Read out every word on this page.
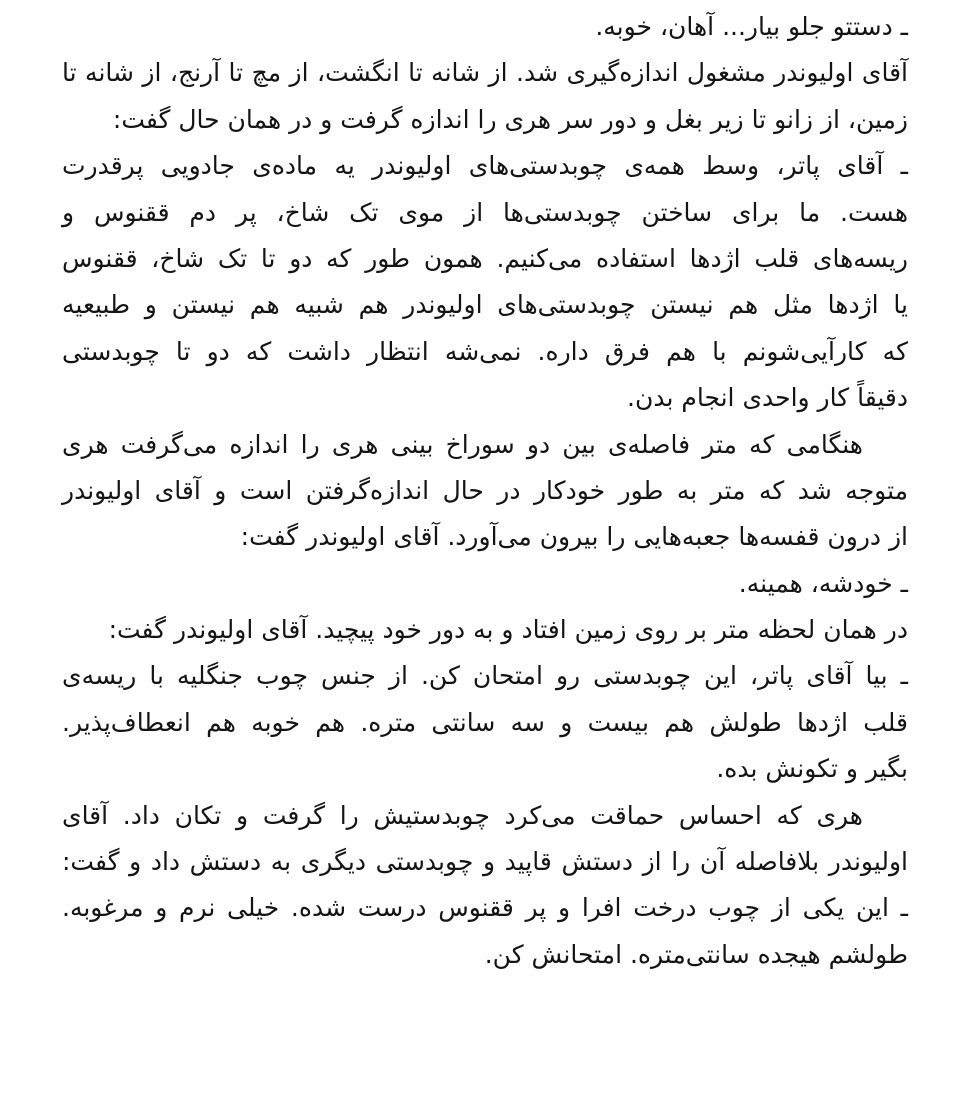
ـ دستتو جلو بیار... آهان، خوبه.
آقای اولیوندر مشغول اندازه‌گیری شد. از شانه تا انگشت، از مچ تا آرنج، از شانه تا
زمین، از زانو تا زیر بغل و دور سر هری را اندازه گرفت و در همان حال گفت:
ـ آقای پاتر، وسط همه‌ی چوبدستی‌های اولیوندر یه ماده‌ی جادویی پرقدرت
هست. ما برای ساختن چوبدستی‌ها از موی تک شاخ، پر دم ققنوس و
ریسه‌های قلب اژدها استفاده می‌کنیم. همون طور که دو تا تک شاخ، ققنوس
یا اژدها مثل هم نیستن چوبدستی‌های اولیوندر هم شبیه هم نیستن و طبیعیه
که کارآیی‌شونم با هم فرق داره. نمی‌شه انتظار داشت که دو تا چوبدستی
دقیقاً کار واحدی انجام بدن.
هنگامی که متر فاصله‌ی بین دو سوراخ بینی هری را اندازه می‌گرفت هری
متوجه شد که متر به طور خودکار در حال اندازه‌گرفتن است و آقای اولیوندر
از درون قفسه‌ها جعبه‌هایی را بیرون می‌آورد. آقای اولیوندر گفت:
ـ خودشه، همینه.
در همان لحظه متر بر روی زمین افتاد و به دور خود پیچید. آقای اولیوندر گفت:
ـ بیا آقای پاتر، این چوبدستی رو امتحان کن. از جنس چوب جنگلیه با ریسه‌ی
قلب اژدها طولش هم بیست و سه سانتی متره. هم خوبه هم انعطاف‌پذیر.
بگیر و تکونش بده.
هری که احساس حماقت می‌کرد چوبدستیش را گرفت و تکان داد. آقای
اولیوندر بلافاصله آن را از دستش قاپید و چوبدستی دیگری به دستش داد و گفت:
ـ این یکی از چوب درخت افرا و پر ققنوس درست شده. خیلی نرم و مرغوبه.
طولشم هیجده سانتی‌متره. امتحانش کن.
